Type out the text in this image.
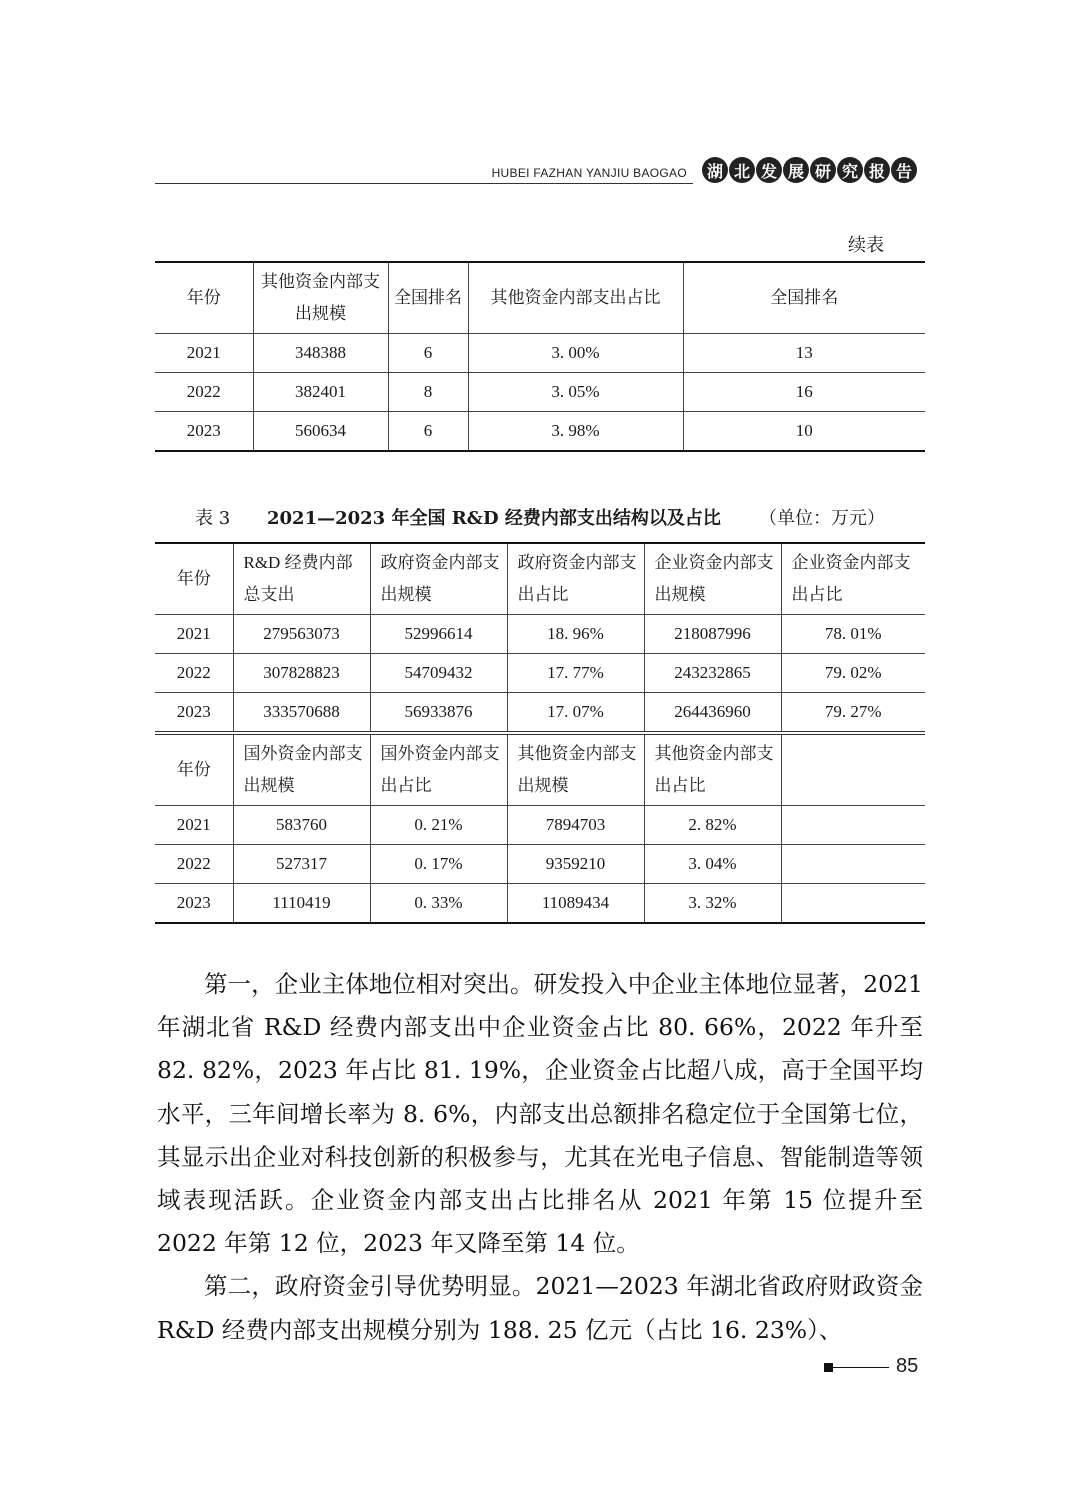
HUBEI FAZHAN YANJIU BAOGAO	湖 北 发 展 研 究 报 告
续表
年份	其他资金内部支出规模	全国排名	其他资金内部支出占比	全国排名
2021	348388	6	3. 00%	13
2022	382401	8	3. 05%	16
2023	560634	6	3. 98%	10
表 3 2021—2023 年全国 R&D 经费内部支出结构以及占比 （单位：万元）
年份	R&D 经费内部总支出	政府资金内部支出规模	政府资金内部支出占比	企业资金内部支出规模	企业资金内部支出占比
2021	279563073	52996614	18. 96%	218087996	78. 01%
2022	307828823	54709432	17. 77%	243232865	79. 02%
2023	333570688	56933876	17. 07%	264436960	79. 27%
年份	国外资金内部支出规模	国外资金内部支出占比	其他资金内部支出规模	其他资金内部支出占比	
2021	583760	0. 21%	7894703	2. 82%	
2022	527317	0. 17%	9359210	3. 04%	
2023	1110419	0. 33%	11089434	3. 32%	

第一，企业主体地位相对突出。研发投入中企业主体地位显著，2021 年湖北省 R&D 经费内部支出中企业资金占比 80. 66%，2022 年升至 82. 82%，2023 年占比 81. 19%，企业资金占比超八成，高于全国平均水平，三年间增长率为 8. 6%，内部支出总额排名稳定位于全国第七位，其显示出企业对科技创新的积极参与，尤其在光电子信息、智能制造等领域表现活跃。企业资金内部支出占比排名从 2021 年第 15 位提升至 2022 年第 12 位，2023 年又降至第 14 位。

第二，政府资金引导优势明显。2021—2023 年湖北省政府财政资金 R&D 经费内部支出规模分别为 188. 25 亿元（占比 16. 23%）、

85
